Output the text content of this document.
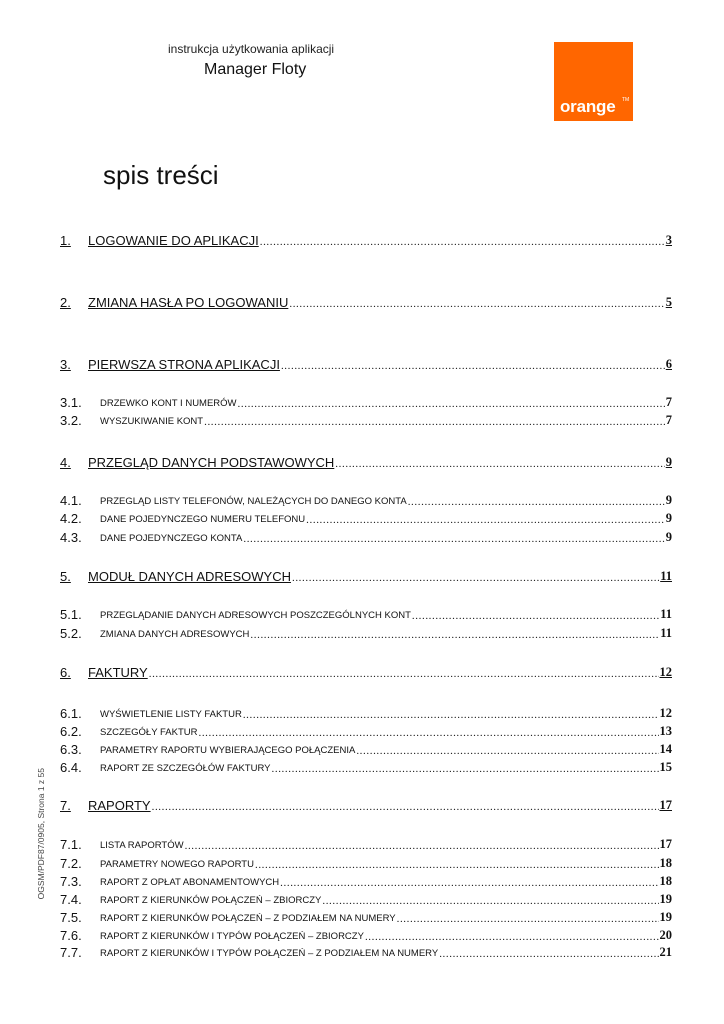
instrukcja użytkowania aplikacji
Manager Floty
TM
orange
spis treści
1.	LOGOWANIE DO APLIKACJI .....	3
2.	ZMIANA HASŁA PO LOGOWANIU .....	5
3.	PIERWSZA STRONA APLIKACJI .....	6
3.1.	DRZEWKO KONT I NUMERÓW .....	7
3.2.	WYSZUKIWANIE KONT .....	7
4.	PRZEGLĄD DANYCH PODSTAWOWYCH .....	9
4.1.	PRZEGLĄD LISTY TELEFONÓW, NALEŻĄCYCH DO DANEGO KONTA .....	9
4.2.	DANE POJEDYNCZEGO NUMERU TELEFONU .....	9
4.3.	DANE POJEDYNCZEGO KONTA .....	9
5.	MODUŁ DANYCH ADRESOWYCH .....	11
5.1.	PRZEGLĄDANIE DANYCH ADRESOWYCH POSZCZEGÓLNYCH KONT .....	11
5.2.	ZMIANA DANYCH ADRESOWYCH .....	11
6.	FAKTURY .....	12
6.1.	WYŚWIETLENIE LISTY FAKTUR .....	12
6.2.	SZCZEGÓŁY FAKTUR .....	13
6.3.	PARAMETRY RAPORTU WYBIERAJĄCEGO POŁĄCZENIA .....	14
6.4.	RAPORT ZE SZCZEGÓŁÓW FAKTURY .....	15
7.	RAPORTY .....	17
7.1.	LISTA RAPORTÓW .....	17
7.2.	PARAMETRY NOWEGO RAPORTU .....	18
7.3.	RAPORT Z OPŁAT ABONAMENTOWYCH .....	18
7.4.	RAPORT Z KIERUNKÓW POŁĄCZEŃ – ZBIORCZY .....	19
7.5.	RAPORT Z KIERUNKÓW POŁĄCZEŃ – Z PODZIAŁEM NA NUMERY .....	19
7.6.	RAPORT Z KIERUNKÓW I TYPÓW POŁĄCZEŃ – ZBIORCZY .....	20
7.7.	RAPORT Z KIERUNKÓW I TYPÓW POŁĄCZEŃ – Z PODZIAŁEM NA NUMERY .....	21
OGSM/PDF87/0905, Strona 1 z 55
